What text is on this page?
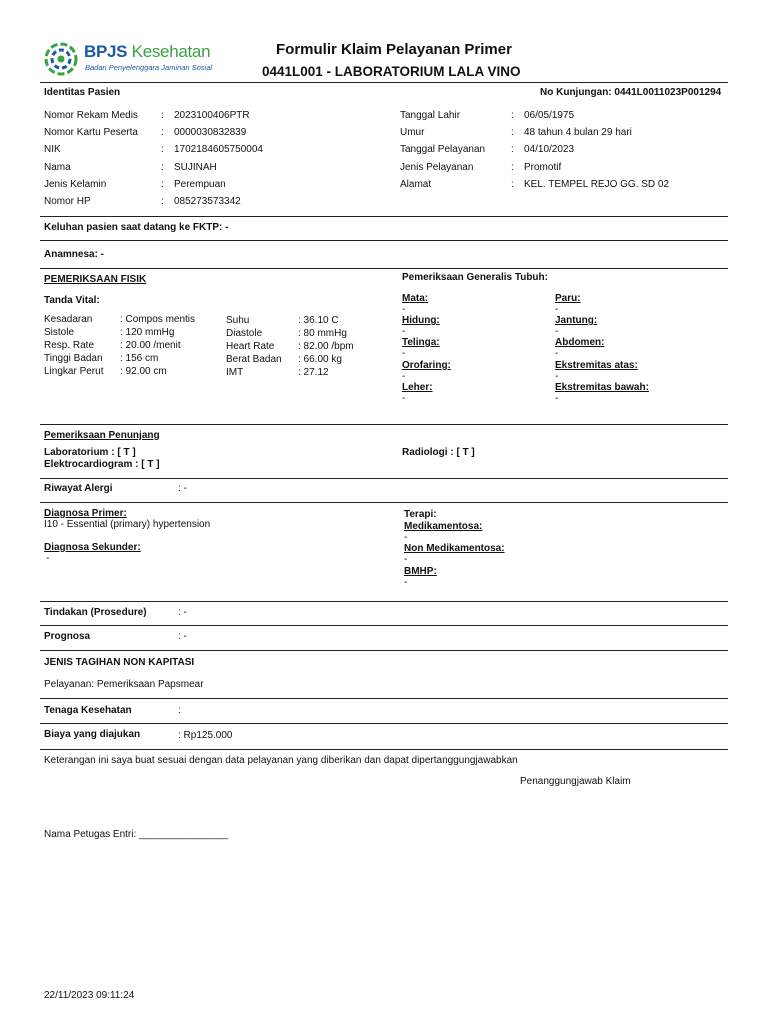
BPJS Kesehatan
Badan Penyelenggara Jaminan Sosial
Formulir Klaim Pelayanan Primer
0441L001 - LABORATORIUM LALA VINO
Identitas Pasien	No Kunjungan: 0441L0011023P001294
Nomor Rekam Medis : 2023100406PTR
Nomor Kartu Peserta : 0000030832839
NIK	: 1702184605750004
Nama	: SUJINAH
Jenis Kelamin	: Perempuan
Nomor HP	: 085273573342
Tanggal Lahir	: 06/05/1975
Umur	: 48 tahun 4 bulan 29 hari
Tanggal Pelayanan	: 04/10/2023
Jenis Pelayanan	: Promotif
Alamat	: KEL. TEMPEL REJO GG. SD 02
Keluhan pasien saat datang ke FKTP: -
Anamnesa: -
PEMERIKSAAN FISIK
Tanda Vital:
Kesadaran	: Compos mentis
Sistole	: 120 mmHg
Resp. Rate	: 20.00 /menit
Tinggi Badan : 156 cm
Lingkar Perut : 92.00 cm
Suhu	: 36.10 C
Diastole	: 80 mmHg
Heart Rate : 82.00 /bpm
Berat Badan : 66.00 kg
IMT	: 27.12
Pemeriksaan Generalis Tubuh:
Mata:
-
Hidung:
-
Telinga:
-
Orofaring:
-
Leher:
-
Paru:
-
Jantung:
-
Abdomen:
-
Ekstremitas atas:
-
Ekstremitas bawah:
-
Pemeriksaan Penunjang
Laboratorium : [ T ]
Elektrocardiogram : [ T ]
Radiologi : [ T ]
Riwayat Alergi	: -
Diagnosa Primer:
I10 - Essential (primary) hypertension
Diagnosa Sekunder:
-
Terapi:
Medikamentosa:
-
Non Medikamentosa:
-
BMHP:
-
Tindakan (Prosedure)	: -
Prognosa	: -
JENIS TAGIHAN NON KAPITASI
Pelayanan: Pemeriksaan Papsmear
Tenaga Kesehatan	:
Biaya yang diajukan	: Rp125.000
Keterangan ini saya buat sesuai dengan data pelayanan yang diberikan dan dapat dipertanggungjawabkan
Penanggungjawab Klaim
Nama Petugas Entri: ________________
22/11/2023 09:11:24
